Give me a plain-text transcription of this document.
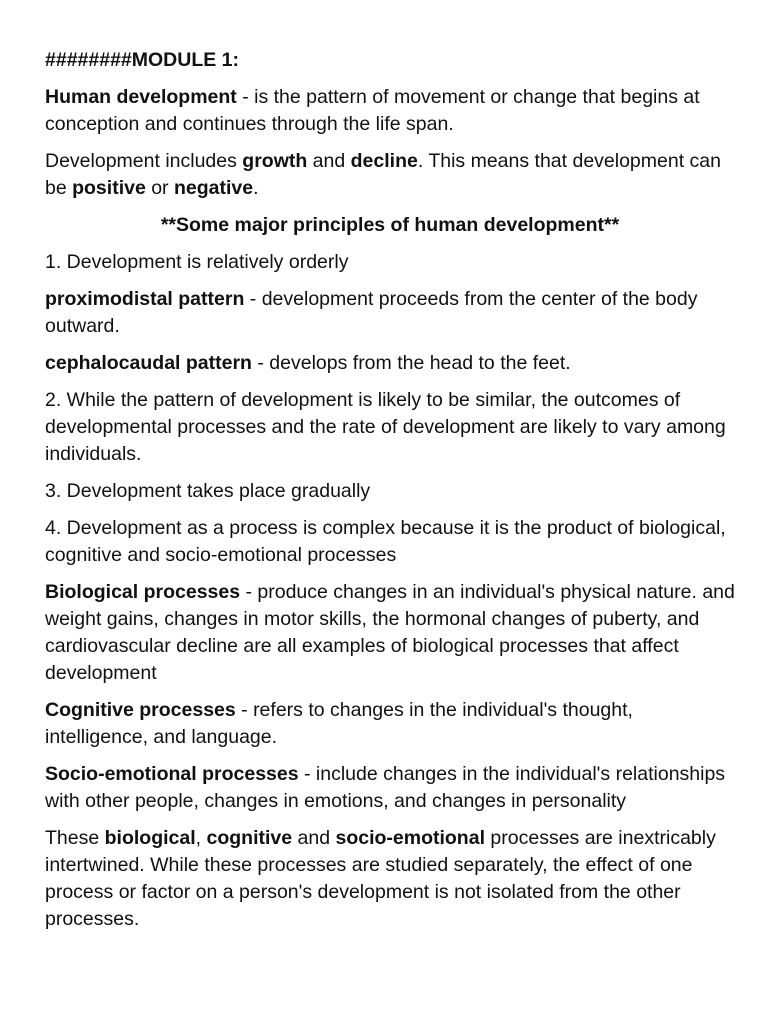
########MODULE 1:

Human development - is the pattern of movement or change that begins at conception and continues through the life span.

Development includes growth and decline. This means that development can be positive or negative.

**Some major principles of human development**

1. Development is relatively orderly

proximodistal pattern - development proceeds from the center of the body outward.

cephalocaudal pattern - develops from the head to the feet.

2. While the pattern of development is likely to be similar, the outcomes of developmental processes and the rate of development are likely to vary among individuals.

3. Development takes place gradually

4. Development as a process is complex because it is the product of biological, cognitive and socio-emotional processes

Biological processes - produce changes in an individual's physical nature. and weight gains, changes in motor skills, the hormonal changes of puberty, and cardiovascular decline are all examples of biological processes that affect development

Cognitive processes - refers to changes in the individual's thought, intelligence, and language.

Socio-emotional processes - include changes in the individual's relationships with other people, changes in emotions, and changes in personality

These biological, cognitive and socio-emotional processes are inextricably intertwined. While these processes are studied separately, the effect of one process or factor on a person's development is not isolated from the other processes.
